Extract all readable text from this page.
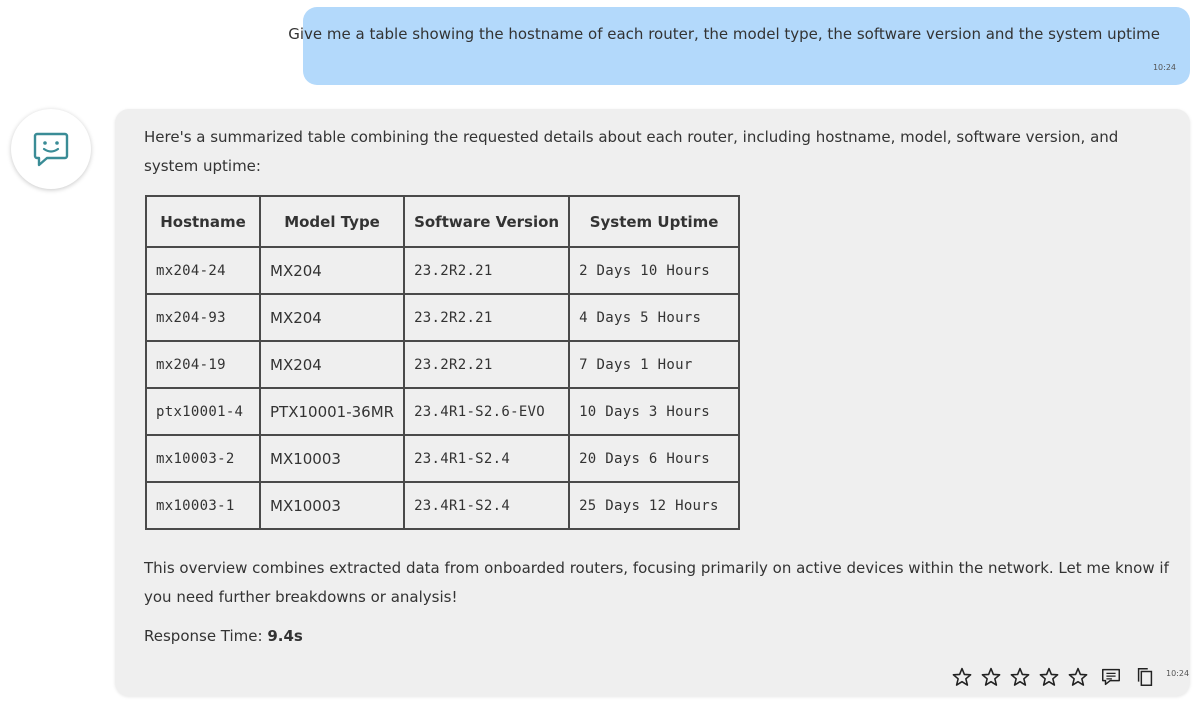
Give me a table showing the hostname of each router, the model type, the software version and the system uptime
10:24
Here's a summarized table combining the requested details about each router, including hostname, model, software version, and system uptime:
Hostname	Model Type	Software Version	System Uptime
mx204-24	MX204	23.2R2.21	2 Days 10 Hours
mx204-93	MX204	23.2R2.21	4 Days 5 Hours
mx204-19	MX204	23.2R2.21	7 Days 1 Hour
ptx10001-4	PTX10001-36MR	23.4R1-S2.6-EVO	10 Days 3 Hours
mx10003-2	MX10003	23.4R1-S2.4	20 Days 6 Hours
mx10003-1	MX10003	23.4R1-S2.4	25 Days 12 Hours
This overview combines extracted data from onboarded routers, focusing primarily on active devices within the network. Let me know if you need further breakdowns or analysis!
Response Time: 9.4s
10:24
